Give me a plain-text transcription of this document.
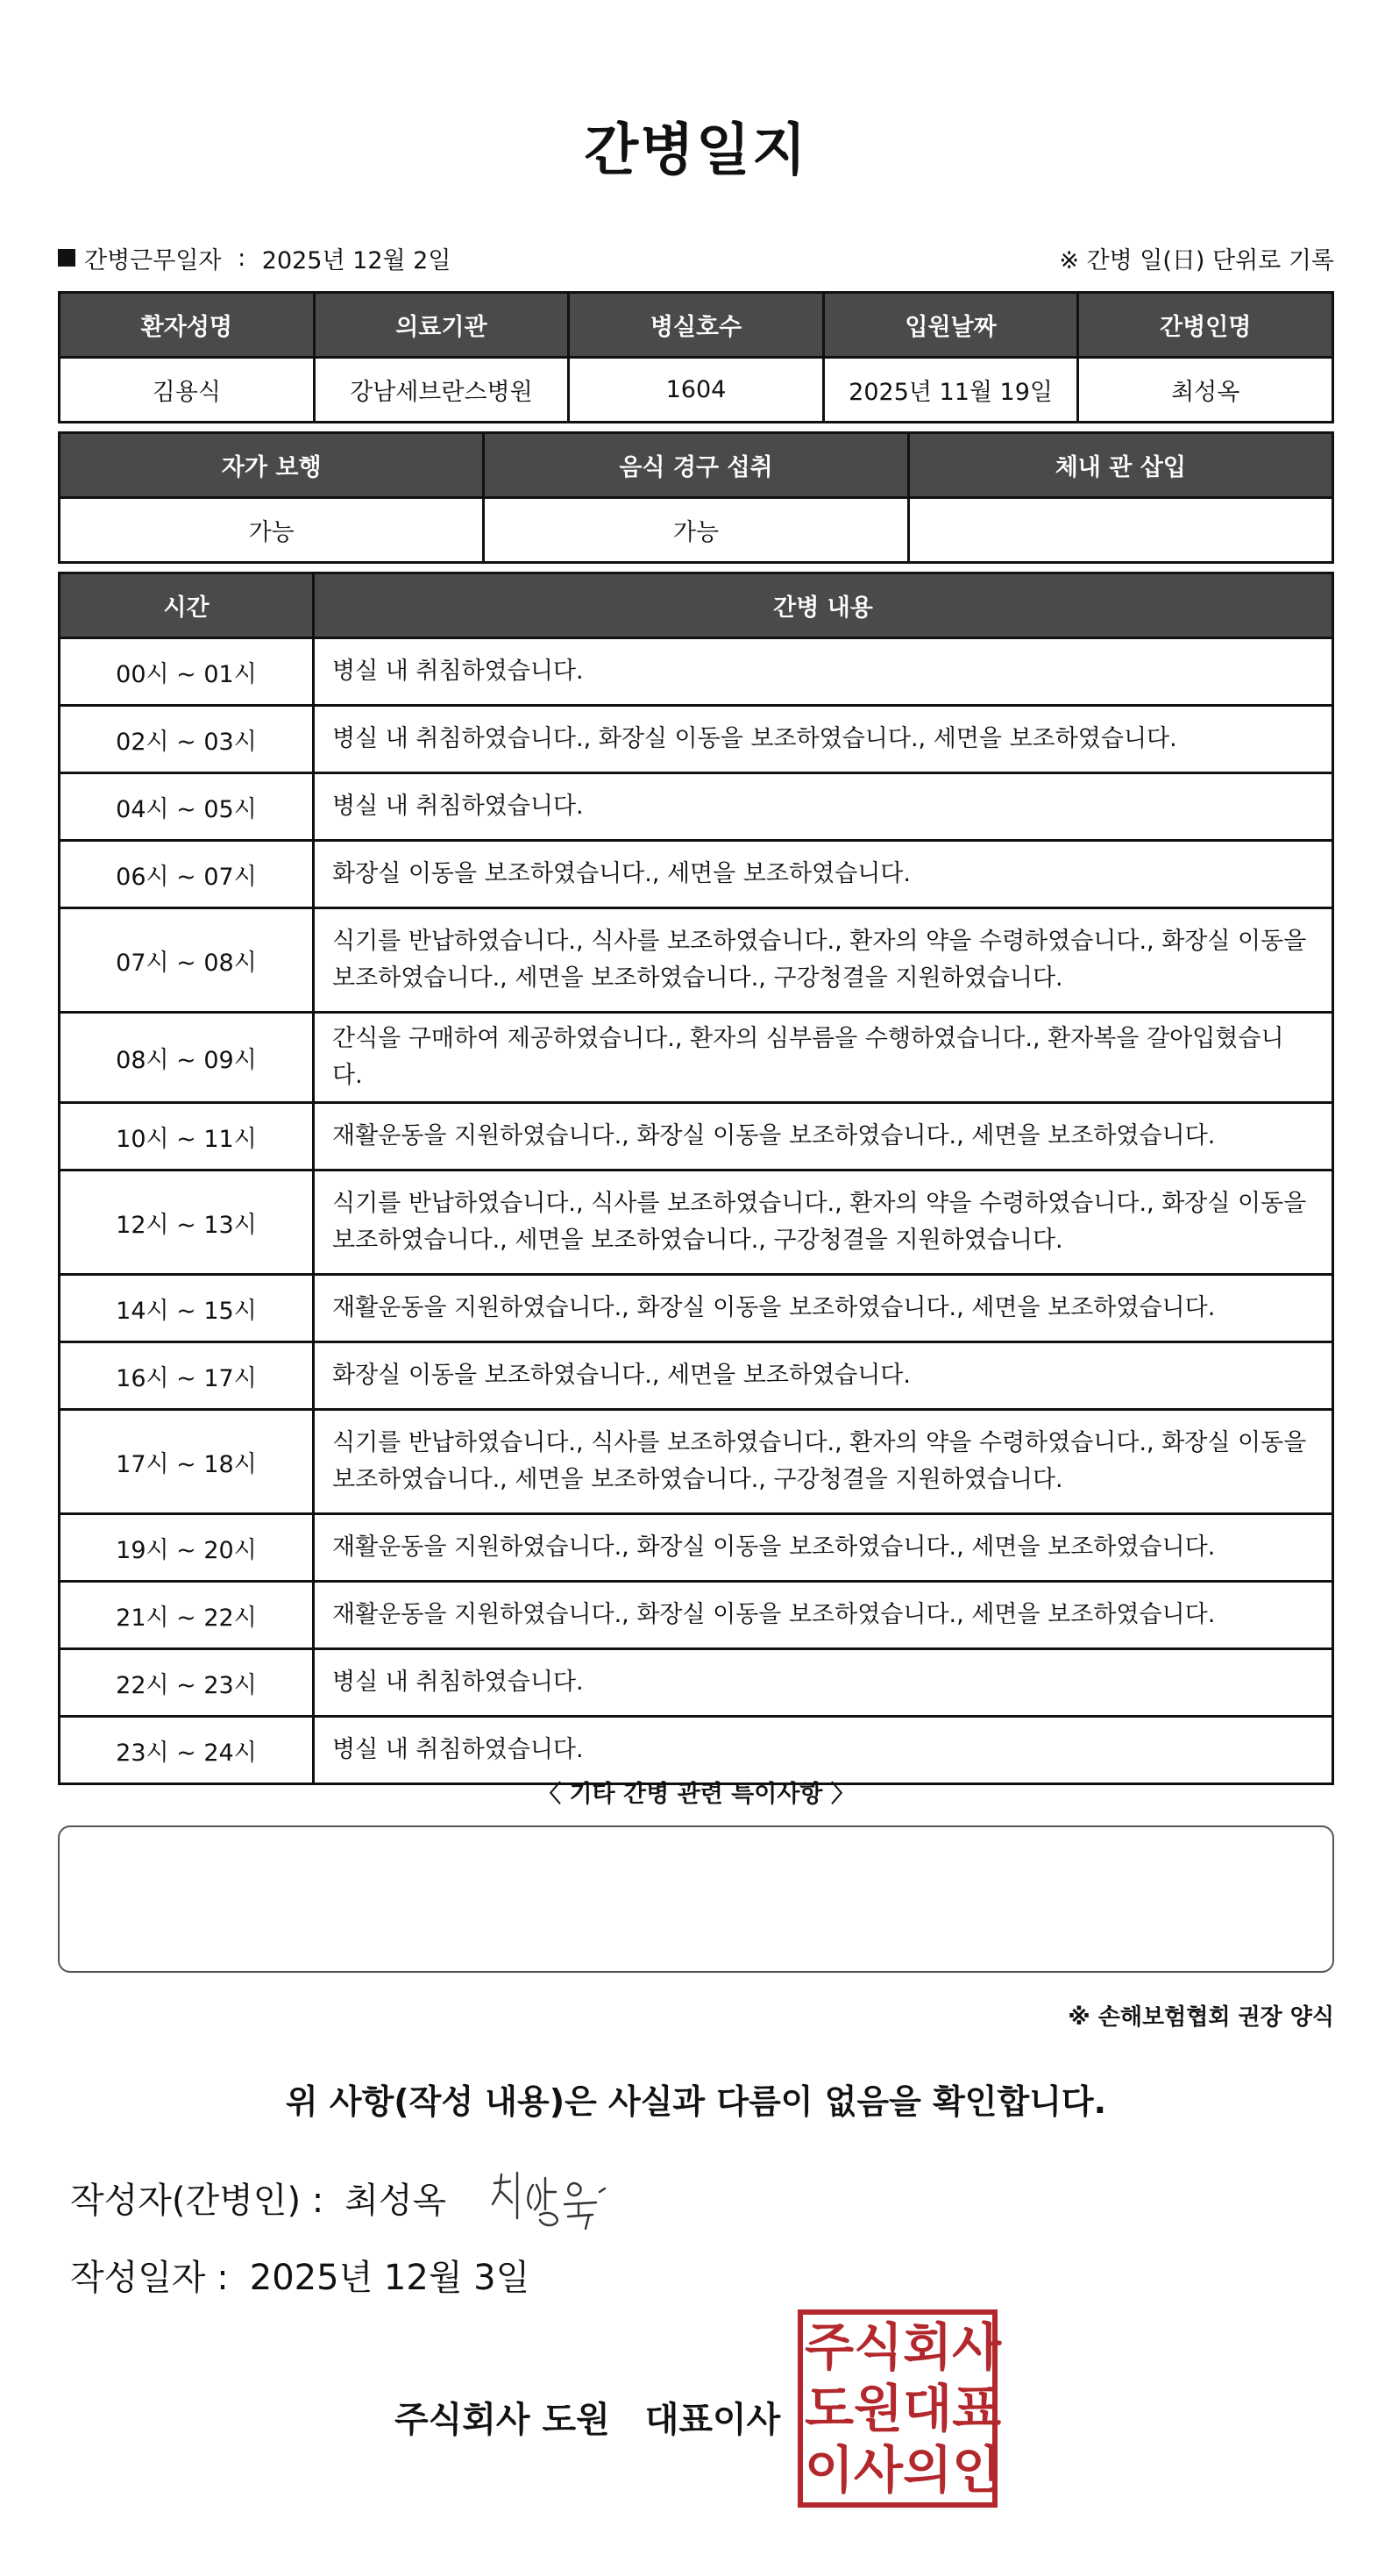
간병일지
간병근무일자 : 2025년 12월 2일	※ 간병 일(日) 단위로 기록
환자성명	의료기관	병실호수	입원날짜	간병인명
김용식	강남세브란스병원	1604	2025년 11월 19일	최성옥
자가 보행	음식 경구 섭취	체내 관 삽입
가능	가능	
시간	간병 내용
00시 ~ 01시	병실 내 취침하였습니다.
02시 ~ 03시	병실 내 취침하였습니다., 화장실 이동을 보조하였습니다., 세면을 보조하였습니다.
04시 ~ 05시	병실 내 취침하였습니다.
06시 ~ 07시	화장실 이동을 보조하였습니다., 세면을 보조하였습니다.
07시 ~ 08시	식기를 반납하였습니다., 식사를 보조하였습니다., 환자의 약을 수령하였습니다., 화장실 이동을 보조하였습니다., 세면을 보조하였습니다., 구강청결을 지원하였습니다.
08시 ~ 09시	간식을 구매하여 제공하였습니다., 환자의 심부름을 수행하였습니다., 환자복을 갈아입혔습니다.
10시 ~ 11시	재활운동을 지원하였습니다., 화장실 이동을 보조하였습니다., 세면을 보조하였습니다.
12시 ~ 13시	식기를 반납하였습니다., 식사를 보조하였습니다., 환자의 약을 수령하였습니다., 화장실 이동을 보조하였습니다., 세면을 보조하였습니다., 구강청결을 지원하였습니다.
14시 ~ 15시	재활운동을 지원하였습니다., 화장실 이동을 보조하였습니다., 세면을 보조하였습니다.
16시 ~ 17시	화장실 이동을 보조하였습니다., 세면을 보조하였습니다.
17시 ~ 18시	식기를 반납하였습니다., 식사를 보조하였습니다., 환자의 약을 수령하였습니다., 화장실 이동을 보조하였습니다., 세면을 보조하였습니다., 구강청결을 지원하였습니다.
19시 ~ 20시	재활운동을 지원하였습니다., 화장실 이동을 보조하였습니다., 세면을 보조하였습니다.
21시 ~ 22시	재활운동을 지원하였습니다., 화장실 이동을 보조하였습니다., 세면을 보조하였습니다.
22시 ~ 23시	병실 내 취침하였습니다.
23시 ~ 24시	병실 내 취침하였습니다.
〈 기타 간병 관련 특이사항 〉
※ 손해보험협회 권장 양식
위 사항(작성 내용)은 사실과 다름이 없음을 확인합니다.
작성자(간병인) : 최성옥
작성일자 : 2025년 12월 3일
주식회사 도원 대표이사
주 식 회 사
도 원 대 표
이 사 의 인
